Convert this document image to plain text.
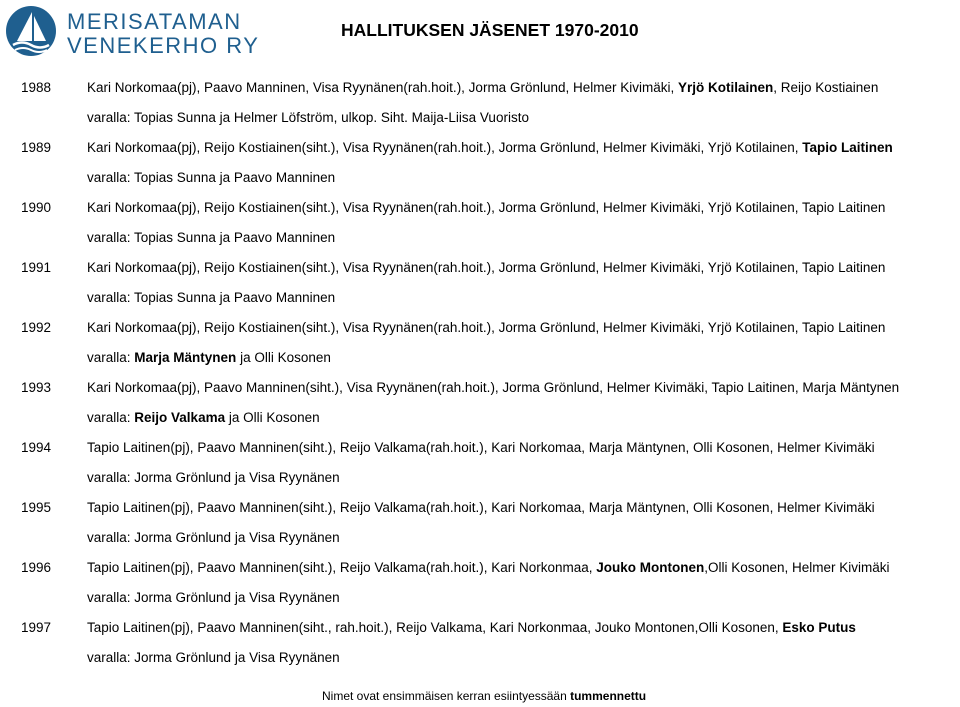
MERISATAMAN
VENEKERHO RY
HALLITUKSEN JÄSENET 1970-2010
1988	Kari Norkomaa(pj), Paavo Manninen, Visa Ryynänen(rah.hoit.), Jorma Grönlund, Helmer Kivimäki, Yrjö Kotilainen, Reijo Kostiainen
varalla: Topias Sunna ja Helmer Löfström, ulkop. Siht. Maija-Liisa Vuoristo
1989	Kari Norkomaa(pj), Reijo Kostiainen(siht.), Visa Ryynänen(rah.hoit.), Jorma Grönlund, Helmer Kivimäki, Yrjö Kotilainen, Tapio Laitinen
varalla: Topias Sunna ja Paavo Manninen
1990	Kari Norkomaa(pj), Reijo Kostiainen(siht.), Visa Ryynänen(rah.hoit.), Jorma Grönlund, Helmer Kivimäki, Yrjö Kotilainen, Tapio Laitinen
varalla: Topias Sunna ja Paavo Manninen
1991	Kari Norkomaa(pj), Reijo Kostiainen(siht.), Visa Ryynänen(rah.hoit.), Jorma Grönlund, Helmer Kivimäki, Yrjö Kotilainen, Tapio Laitinen
varalla: Topias Sunna ja Paavo Manninen
1992	Kari Norkomaa(pj), Reijo Kostiainen(siht.), Visa Ryynänen(rah.hoit.), Jorma Grönlund, Helmer Kivimäki, Yrjö Kotilainen, Tapio Laitinen
varalla: Marja Mäntynen ja Olli Kosonen
1993	Kari Norkomaa(pj), Paavo Manninen(siht.), Visa Ryynänen(rah.hoit.), Jorma Grönlund, Helmer Kivimäki, Tapio Laitinen, Marja Mäntynen
varalla: Reijo Valkama ja Olli Kosonen
1994	Tapio Laitinen(pj), Paavo Manninen(siht.), Reijo Valkama(rah.hoit.), Kari Norkomaa, Marja Mäntynen, Olli Kosonen, Helmer Kivimäki
varalla: Jorma Grönlund ja Visa Ryynänen
1995	Tapio Laitinen(pj), Paavo Manninen(siht.), Reijo Valkama(rah.hoit.), Kari Norkomaa, Marja Mäntynen, Olli Kosonen, Helmer Kivimäki
varalla: Jorma Grönlund ja Visa Ryynänen
1996	Tapio Laitinen(pj), Paavo Manninen(siht.), Reijo Valkama(rah.hoit.), Kari Norkonmaa, Jouko Montonen,Olli Kosonen, Helmer Kivimäki
varalla: Jorma Grönlund ja Visa Ryynänen
1997	Tapio Laitinen(pj), Paavo Manninen(siht., rah.hoit.), Reijo Valkama, Kari Norkonmaa, Jouko Montonen,Olli Kosonen, Esko Putus
varalla: Jorma Grönlund ja Visa Ryynänen
Nimet ovat ensimmäisen kerran esiintyessään tummennettu
